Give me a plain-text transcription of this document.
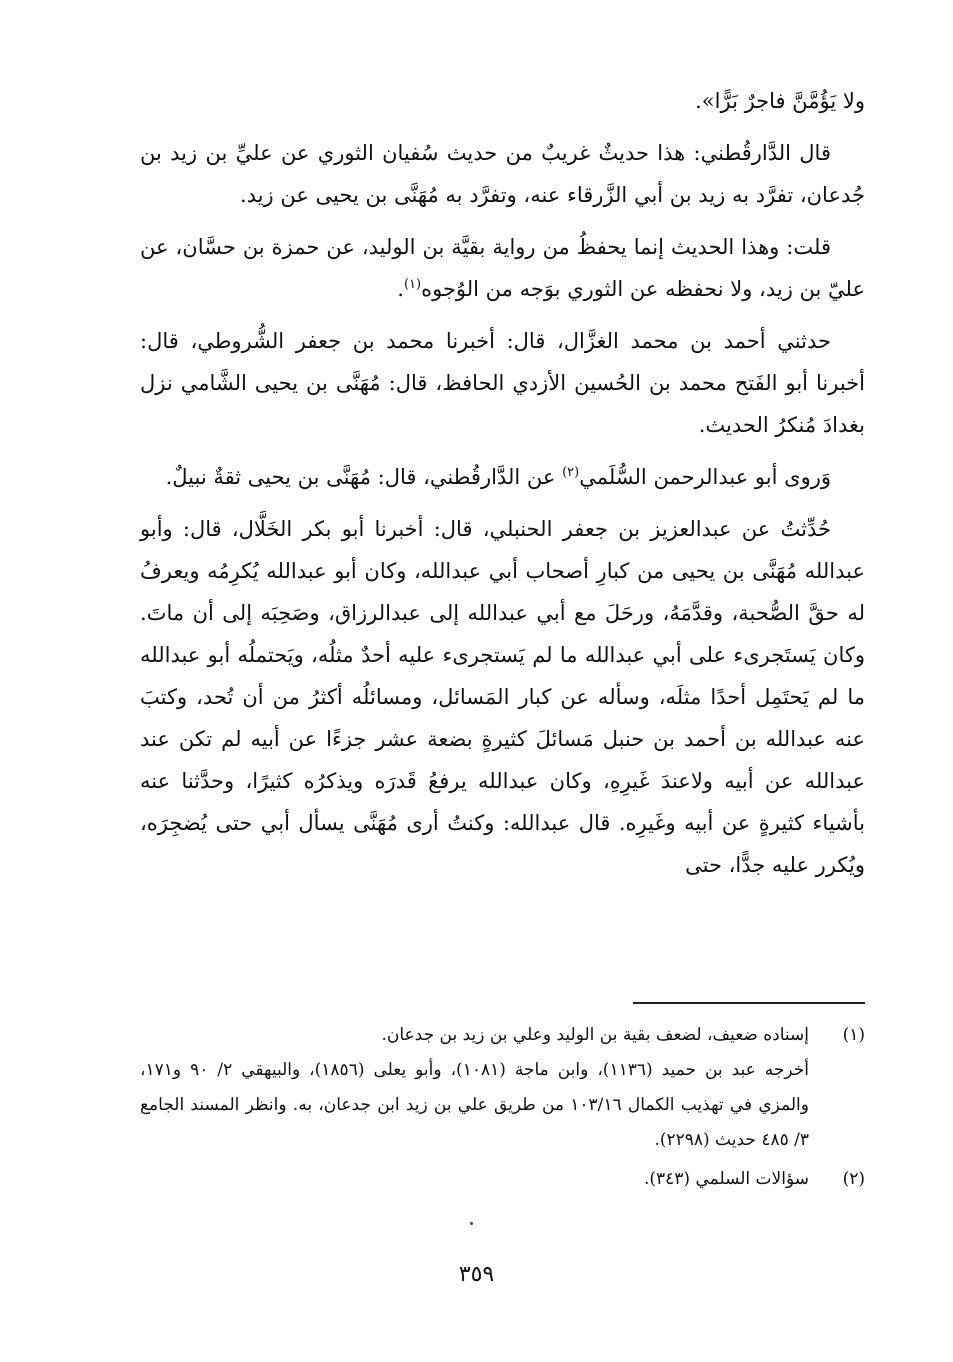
ولا يَؤُمَّنَّ فاجرٌ بَرًّا».

قال الدَّارقُطني: هذا حديثٌ غريبٌ من حديث سُفيان الثوري عن عليِّ بن زيد بن جُدعان، تفرَّد به زيد بن أبي الزَّرقاء عنه، وتفرَّد به مُهَنَّى بن يحيى عن زيد.

قلت: وهذا الحديث إنما يحفظُ من رواية بقيَّة بن الوليد، عن حمزة بن حسَّان، عن عليّ بن زيد، ولا نحفظه عن الثوري بوَجه من الوُجوه$^{(١)}$.

حدثني أحمد بن محمد الغزَّال، قال: أخبرنا محمد بن جعفر الشُّروطي، قال: أخبرنا أبو الفَتح محمد بن الحُسين الأزدي الحافظ، قال: مُهَنَّى بن يحيى الشَّامي نزل بغدادَ مُنكرُ الحديث.

وَروى أبو عبدالرحمن السُّلَمي$^{(٢)}$ عن الدَّارقُطني، قال: مُهَنَّى بن يحيى ثقةٌ نبيلٌ.

حُدِّثتُ عن عبدالعزيز بن جعفر الحنبلي، قال: أخبرنا أبو بكر الخَلَّال، قال: وأبو عبدالله مُهَنَّى بن يحيى من كبارِ أصحاب أبي عبدالله، وكان أبو عبدالله يُكرِمُه ويعرفُ له حقَّ الصُّحبة، وقدَّمَهُ، ورحَلَ مع أبي عبدالله إلى عبدالرزاق، وصَحِبَه إلى أن ماتَ. وكان يَستَجرىء على أبي عبدالله ما لم يَستجرىء عليه أحدٌ مثلُه، ويَحتملُه أبو عبدالله ما لم يَحتَمِل أحدًا مثلَه، وسأله عن كبار المَسائل، ومسائلُه أكثرُ من أن تُحد، وكتبَ عنه عبدالله بن أحمد بن حنبل مَسائلَ كثيرةٍ بضعة عشر جزءًا عن أبيه لم تكن عند عبدالله عن أبيه ولاعندَ غَيرِهِ، وكان عبدالله يرفعُ قَدرَه ويذكرُه كثيرًا، وحدَّثنا عنه بأشياء كثيرةٍ عن أبيه وغَيرِه. قال عبدالله: وكنتُ أرى مُهَنَّى يسأل أبي حتى يُضجِرَه، ويُكرر عليه جدًّا، حتى

(١)
إسناده ضعيف، لضعف بقية بن الوليد وعلي بن زيد بن جدعان.
أخرجه عبد بن حميد (١١٣٦)، وابن ماجة (١٠٨١)، وأبو يعلى (١٨٥٦)، والبيهقي ٢/ ٩٠ و١٧١، والمزي في تهذيب الكمال ١٠٣/١٦ من طريق علي بن زيد ابن جدعان، به. وانظر المسند الجامع ٣/ ٤٨٥ حديث (٢٢٩٨).
(٢)
سؤالات السلمي (٣٤٣).
٣٥٩
